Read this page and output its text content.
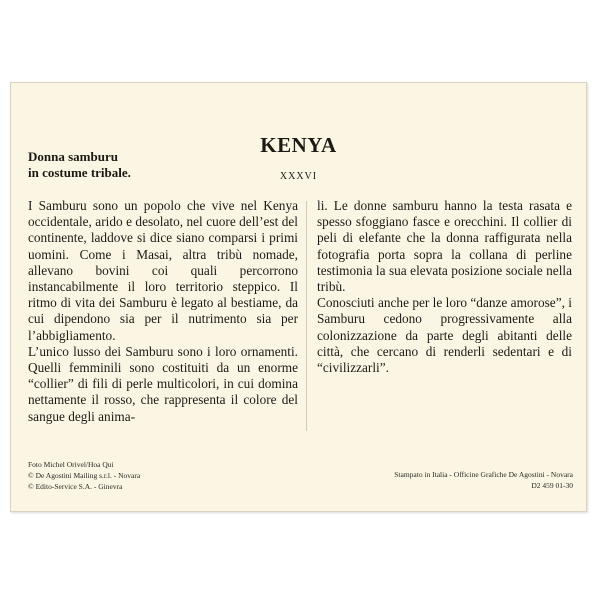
KENYA
XXXVI
Donna samburu
in costume tribale.

I Samburu sono un popolo che vive nel Kenya occidentale, arido e desolato, nel cuore dell’est del continente, laddove si dice siano comparsi i primi uomini. Come i Masai, altra tribù nomade, allevano bovini coi quali percorrono instancabilmente il loro territorio steppico. Il ritmo di vita dei Samburu è legato al bestiame, da cui dipendono sia per il nutrimento sia per l’abbigliamento.

L’unico lusso dei Samburu sono i loro ornamenti. Quelli femminili sono costituiti da un enorme “collier” di fili di perle multicolori, in cui domina nettamente il rosso, che rappresenta il colore del sangue degli anima-

li. Le donne samburu hanno la testa rasata e spesso sfoggiano fasce e orecchini. Il collier di peli di elefante che la donna raffigurata nella fotografia porta sopra la collana di perline testimonia la sua elevata posizione sociale nella tribù.

Conosciuti anche per le loro “danze amorose”, i Samburu cedono progressivamente alla colonizzazione da parte degli abitanti delle città, che cercano di renderli sedentari e di “civilizzarli”.

Foto Michel Orivel/Hoa Qui
© De Agostini Mailing s.r.l. - Novara
© Edito-Service S.A. - Ginevra
Stampato in Italia - Officine Grafiche De Agostini - Novara
D2 459 01-30
